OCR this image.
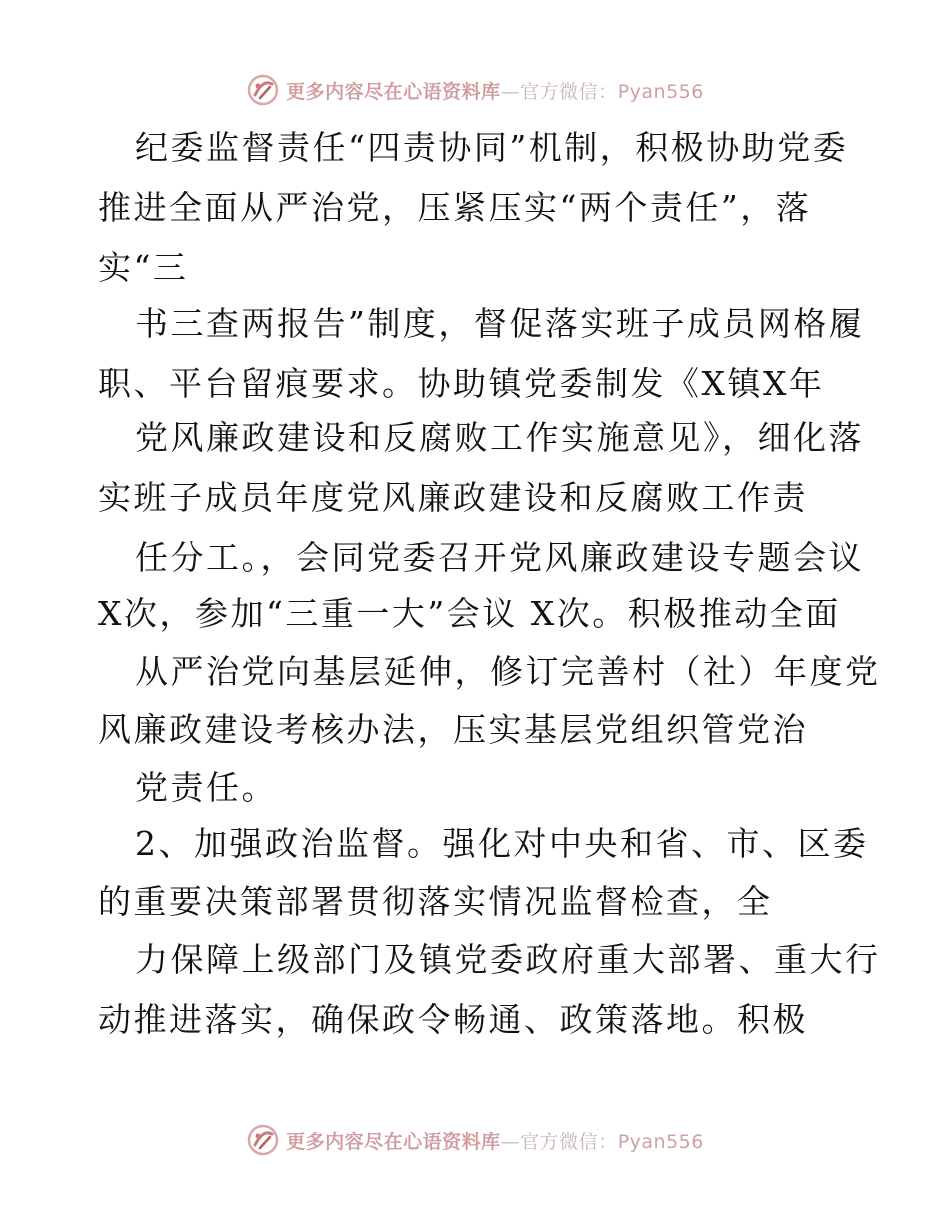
更多内容尽在心语资料库—官方微信：Pyan556
纪委监督责任“四责协同”机制，积极协助党委
推进全面从严治党，压紧压实“两个责任”，落
实“三
书三查两报告”制度，督促落实班子成员网格履
职、平台留痕要求。协助镇党委制发《X镇X年
党风廉政建设和反腐败工作实施意见》，细化落
实班子成员年度党风廉政建设和反腐败工作责
任分工。，会同党委召开党风廉政建设专题会议
X次，参加“三重一大”会议 X次。积极推动全面
从严治党向基层延伸，修订完善村（社）年度党
风廉政建设考核办法，压实基层党组织管党治
党责任。
2、加强政治监督。强化对中央和省、市、区委
的重要决策部署贯彻落实情况监督检查，全
力保障上级部门及镇党委政府重大部署、重大行
动推进落实，确保政令畅通、政策落地。积极
更多内容尽在心语资料库—官方微信：Pyan556
